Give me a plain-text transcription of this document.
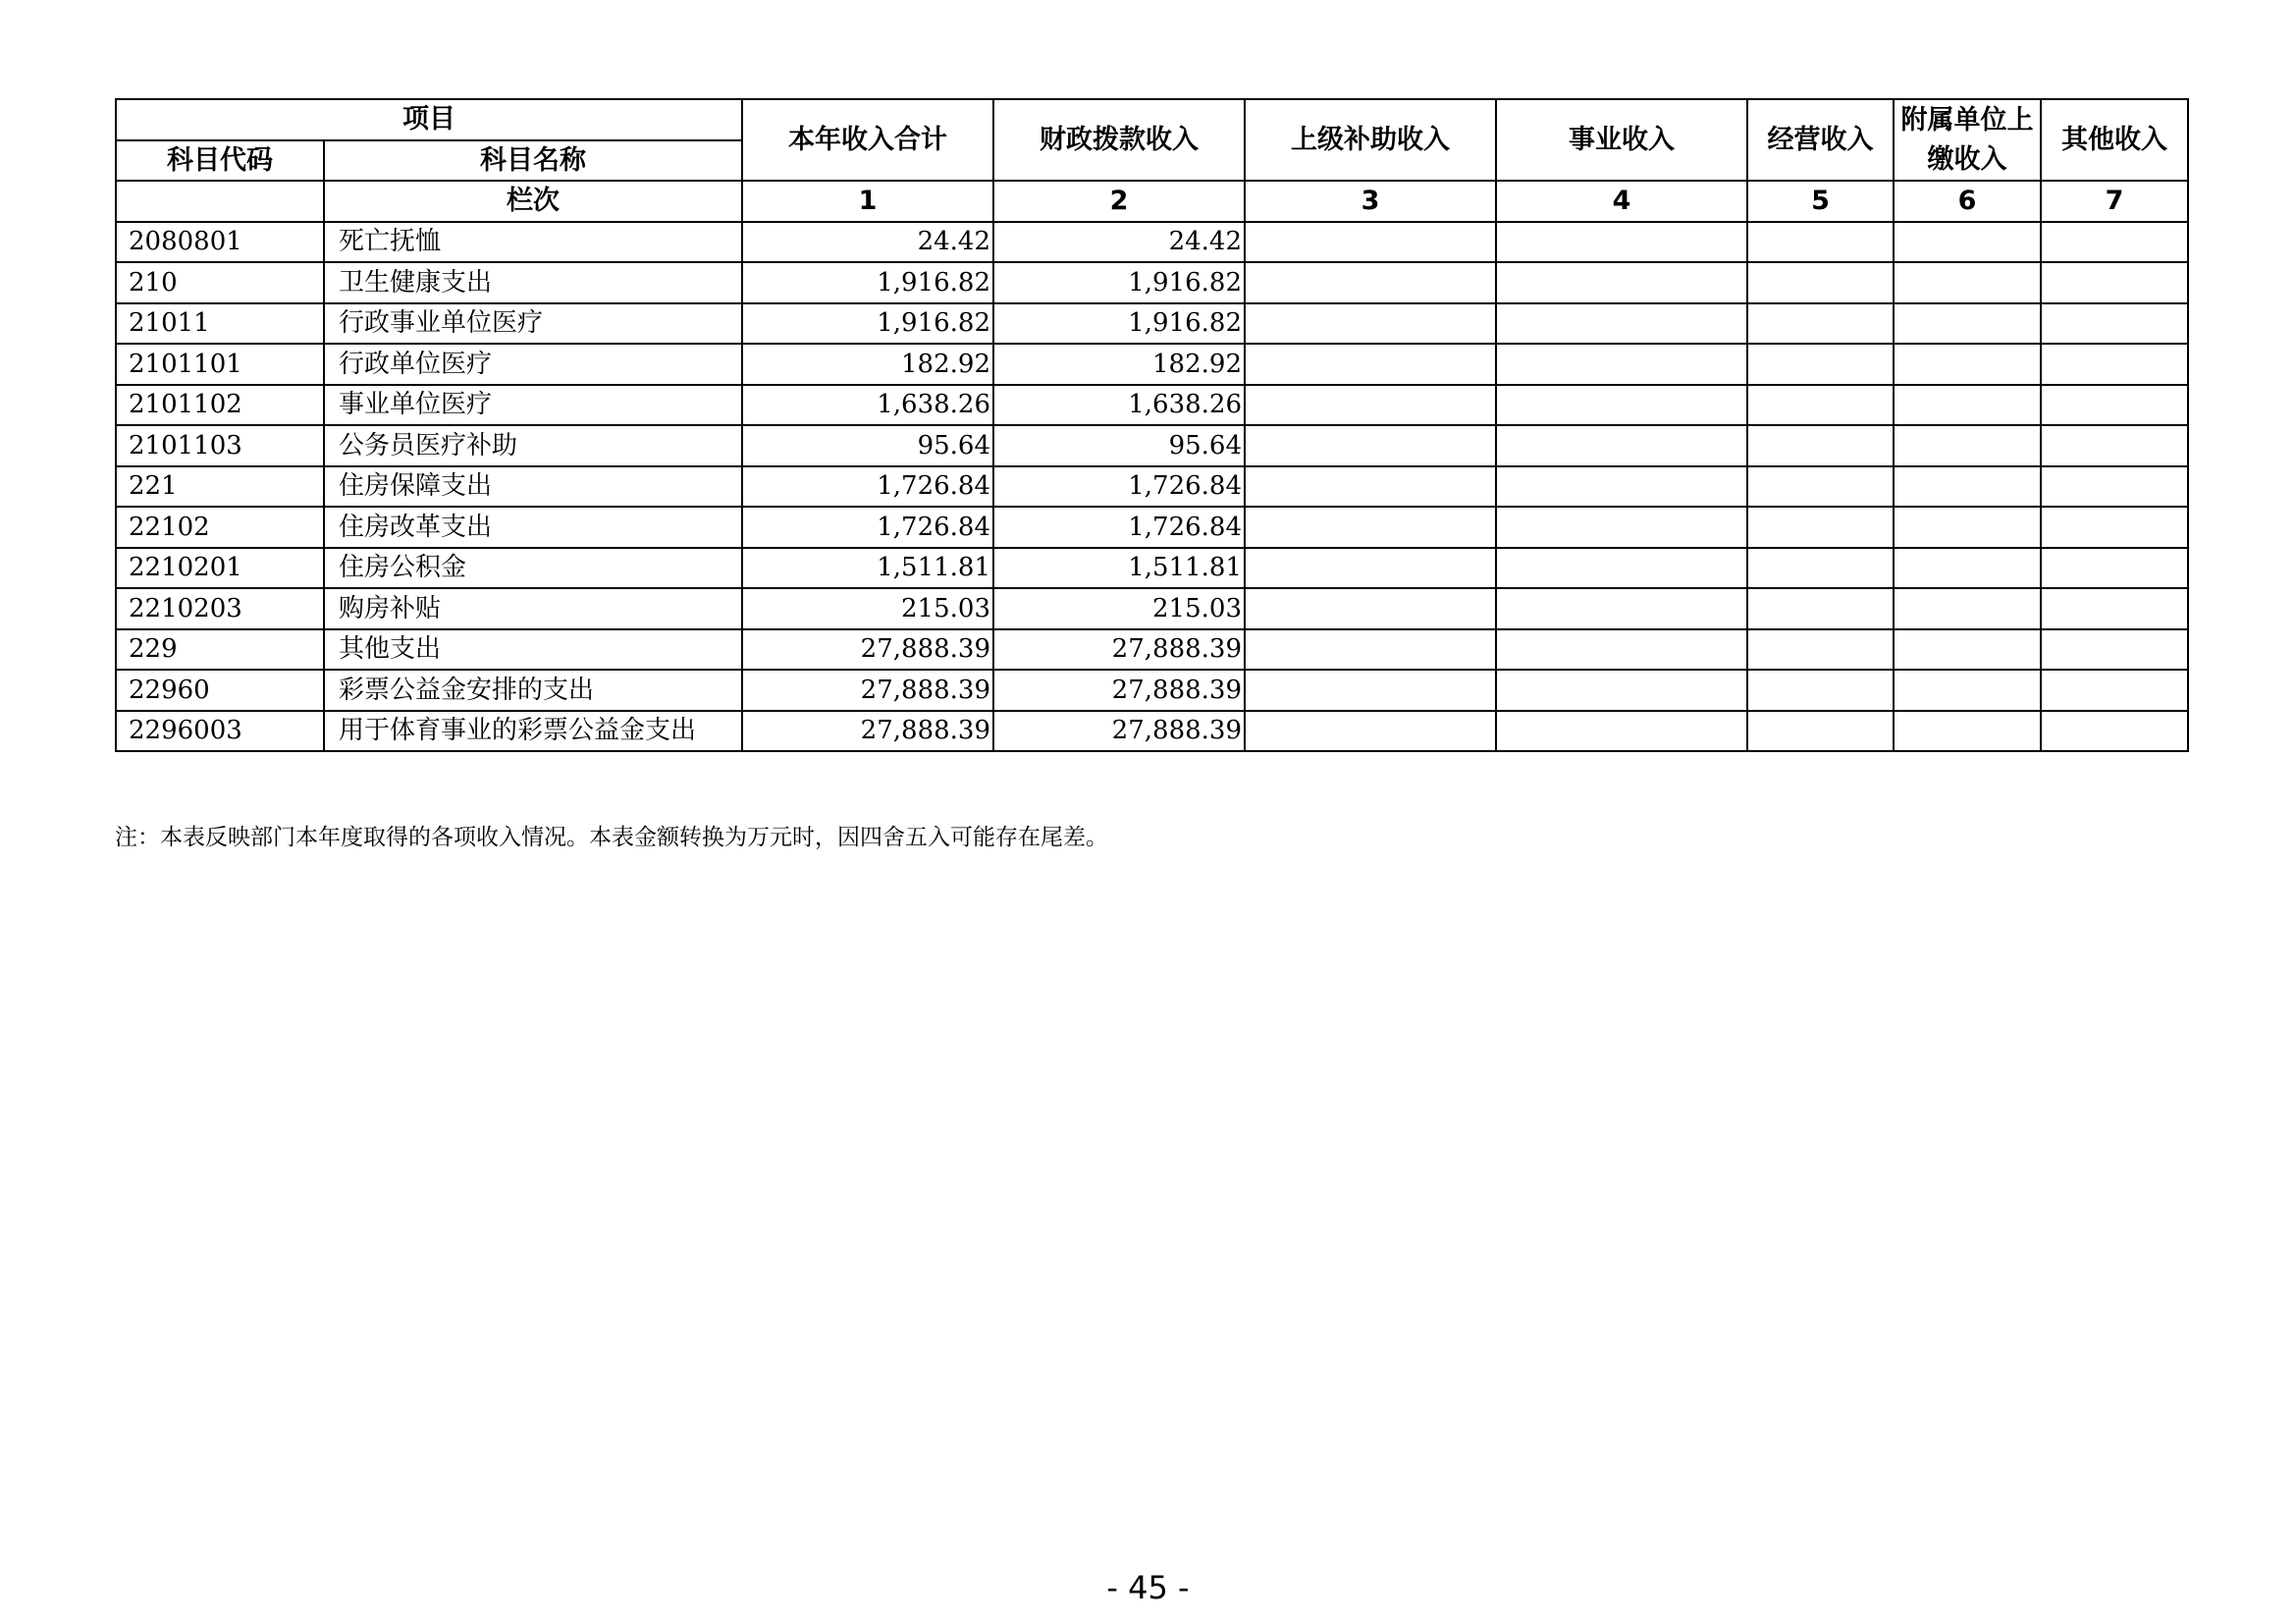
项目		本年收入合计	财政拨款收入	上级补助收入	事业收入	经营收入	附属单位上缴收入	其他收入
科目代码	科目名称							
	栏次	1	2	3	4	5	6	7
2080801	死亡抚恤	24.42	24.42					
210	卫生健康支出	1,916.82	1,916.82					
21011	行政事业单位医疗	1,916.82	1,916.82					
2101101	行政单位医疗	182.92	182.92					
2101102	事业单位医疗	1,638.26	1,638.26					
2101103	公务员医疗补助	95.64	95.64					
221	住房保障支出	1,726.84	1,726.84					
22102	住房改革支出	1,726.84	1,726.84					
2210201	住房公积金	1,511.81	1,511.81					
2210203	购房补贴	215.03	215.03					
229	其他支出	27,888.39	27,888.39					
22960	彩票公益金安排的支出	27,888.39	27,888.39					
2296003	用于体育事业的彩票公益金支出	27,888.39	27,888.39					
注：本表反映部门本年度取得的各项收入情况。本表金额转换为万元时，因四舍五入可能存在尾差。
- 45 -
